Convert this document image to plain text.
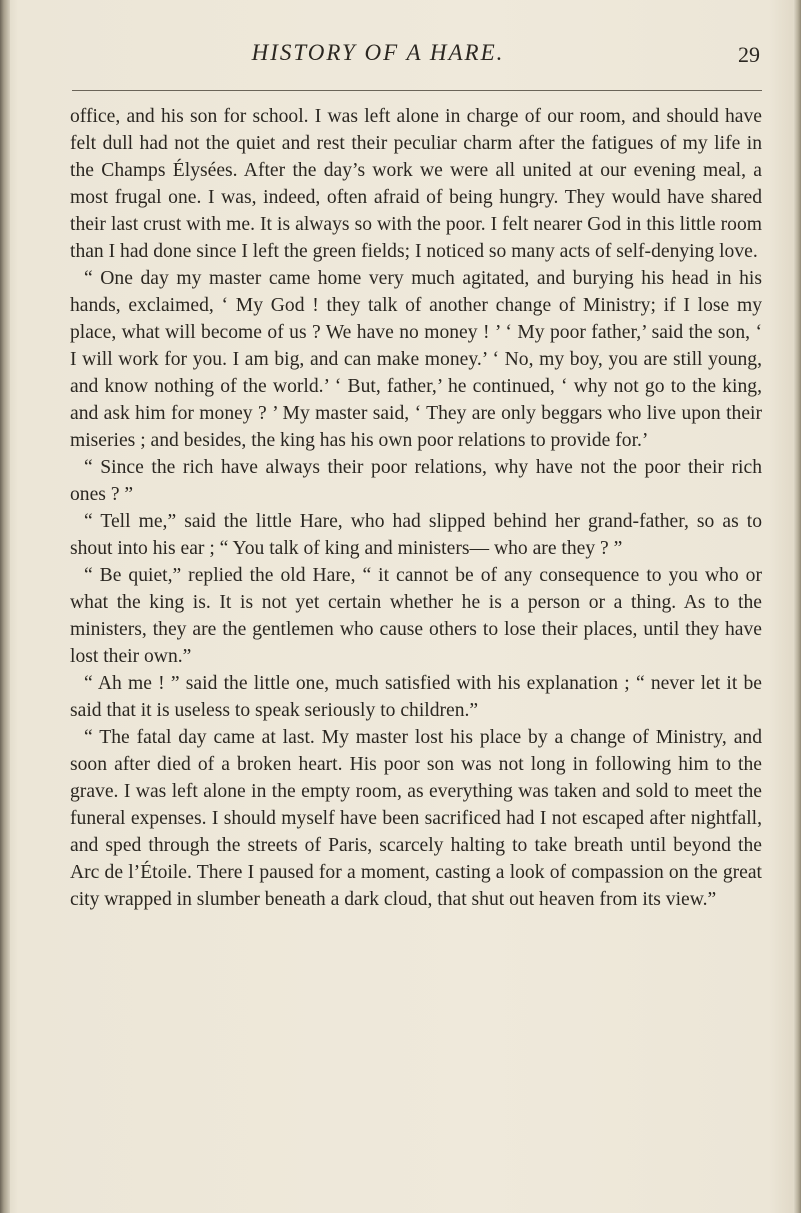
HISTORY OF A HARE.	29

office, and his son for school. I was left alone in charge of our room, and should have felt dull had not the quiet and rest their peculiar charm after the fatigues of my life in the Champs Élysées. After the day’s work we were all united at our evening meal, a most frugal one. I was, indeed, often afraid of being hungry. They would have shared their last crust with me. It is always so with the poor. I felt nearer God in this little room than I had done since I left the green fields; I noticed so many acts of self-denying love.

“ One day my master came home very much agitated, and burying his head in his hands, exclaimed, ‘ My God ! they talk of another change of Ministry; if I lose my place, what will become of us ? We have no money ! ’ ‘ My poor father,’ said the son, ‘ I will work for you. I am big, and can make money.’ ‘ No, my boy, you are still young, and know nothing of the world.’ ‘ But, father,’ he continued, ‘ why not go to the king, and ask him for money ? ’ My master said, ‘ They are only beggars who live upon their miseries ; and besides, the king has his own poor relations to provide for.’

“ Since the rich have always their poor relations, why have not the poor their rich ones ? ”

“ Tell me,” said the little Hare, who had slipped behind her grand-father, so as to shout into his ear ; “ You talk of king and ministers— who are they ? ”

“ Be quiet,” replied the old Hare, “ it cannot be of any consequence to you who or what the king is. It is not yet certain whether he is a person or a thing. As to the ministers, they are the gentlemen who cause others to lose their places, until they have lost their own.”

“ Ah me ! ” said the little one, much satisfied with his explanation ; “ never let it be said that it is useless to speak seriously to children.”

“ The fatal day came at last. My master lost his place by a change of Ministry, and soon after died of a broken heart. His poor son was not long in following him to the grave. I was left alone in the empty room, as everything was taken and sold to meet the funeral expenses. I should myself have been sacrificed had I not escaped after nightfall, and sped through the streets of Paris, scarcely halting to take breath until beyond the Arc de l’Étoile. There I paused for a moment, casting a look of compassion on the great city wrapped in slumber beneath a dark cloud, that shut out heaven from its view.”
